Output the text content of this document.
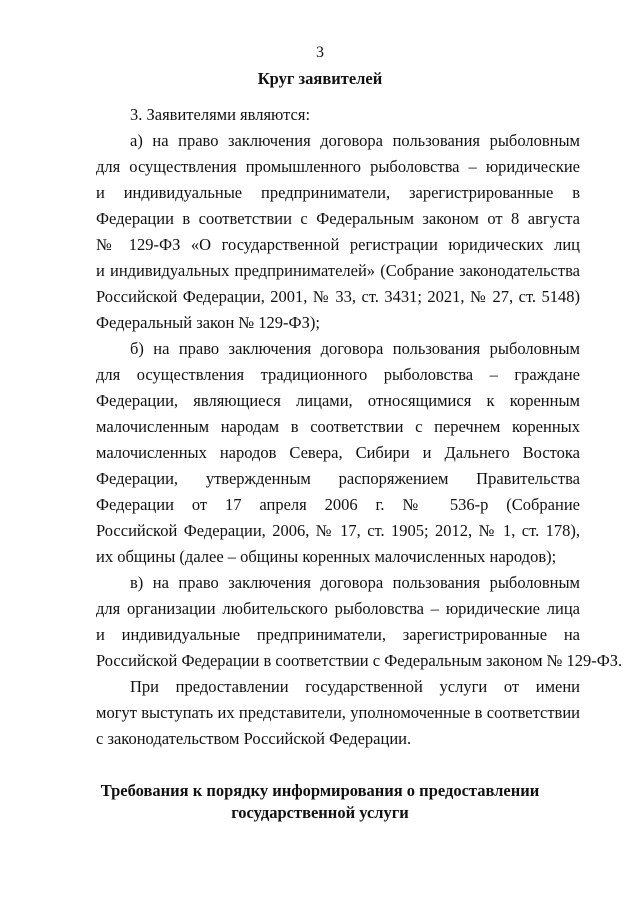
3
Круг заявителей
3. Заявителями являются:
а) на право заключения договора пользования рыболовным
для осуществления промышленного рыболовства – юридические
и индивидуальные предприниматели, зарегистрированные в
Федерации в соответствии с Федеральным законом от 8 августа
№ 129-ФЗ «О государственной регистрации юридических лиц
и индивидуальных предпринимателей» (Собрание законодательства
Российской Федерации, 2001, № 33, ст. 3431; 2021, № 27, ст. 5148)
Федеральный закон № 129-ФЗ);
б) на право заключения договора пользования рыболовным
для осуществления традиционного рыболовства – граждане
Федерации, являющиеся лицами, относящимися к коренным
малочисленным народам в соответствии с перечнем коренных
малочисленных народов Севера, Сибири и Дальнего Востока
Федерации, утвержденным распоряжением Правительства
Федерации от 17 апреля 2006 г. № 536-р (Собрание
Российской Федерации, 2006, № 17, ст. 1905; 2012, № 1, ст. 178),
их общины (далее – общины коренных малочисленных народов);
в) на право заключения договора пользования рыболовным
для организации любительского рыболовства – юридические лица
и индивидуальные предприниматели, зарегистрированные на
Российской Федерации в соответствии с Федеральным законом № 129-ФЗ.
При предоставлении государственной услуги от имени
могут выступать их представители, уполномоченные в соответствии
с законодательством Российской Федерации.
Требования к порядку информирования о предоставлении
государственной услуги
